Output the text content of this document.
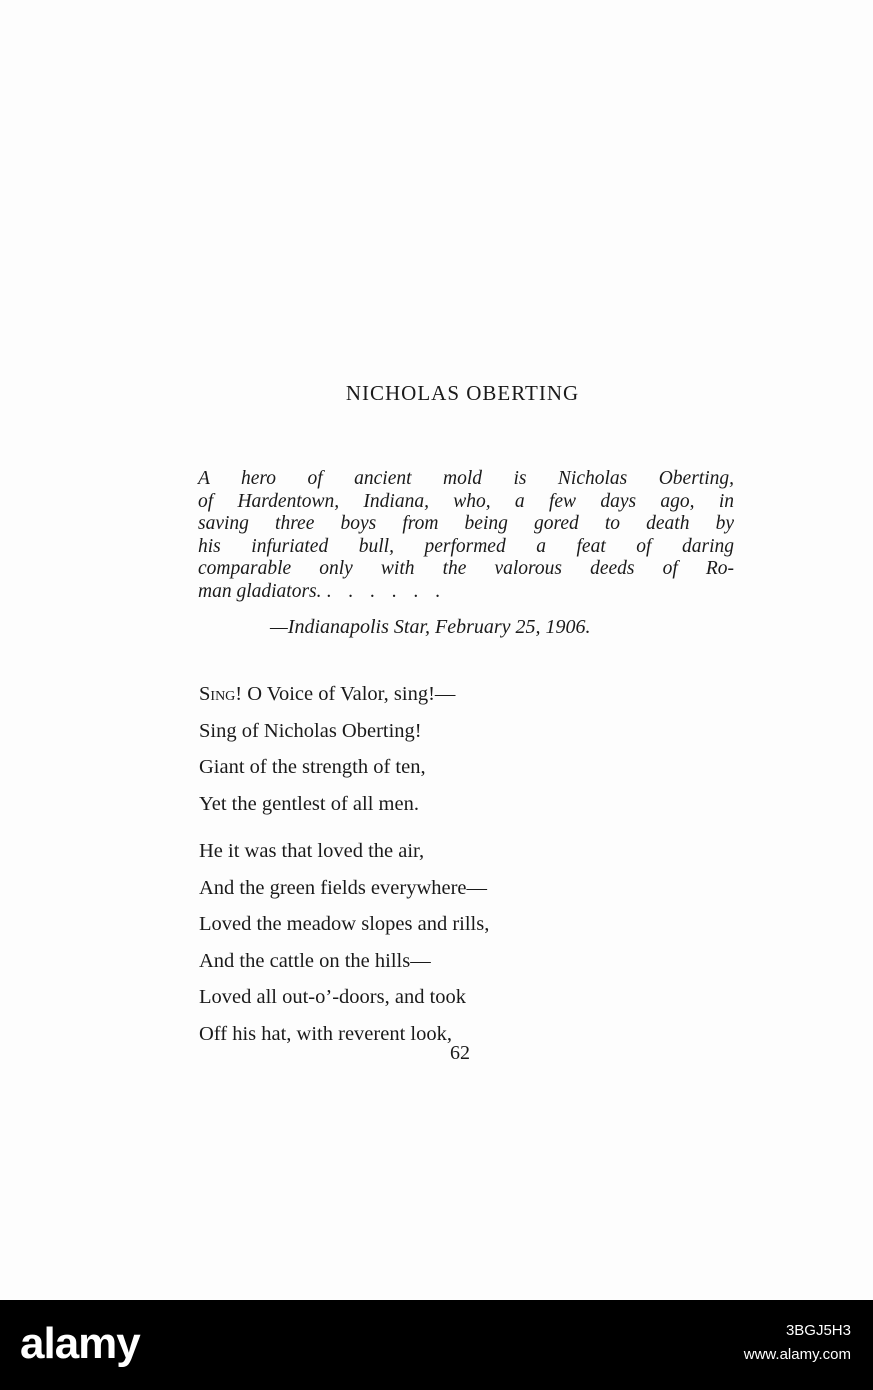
NICHOLAS OBERTING
A hero of ancient mold is Nicholas Oberting,
of Hardentown, Indiana, who, a few days ago, in
saving three boys from being gored to death by
his infuriated bull, performed a feat of daring
comparable only with the valorous deeds of Ro-
man gladiators. . . . . . .

—Indianapolis Star, February 25, 1906.

Sing! O Voice of Valor, sing!—
Sing of Nicholas Oberting!
Giant of the strength of ten,
Yet the gentlest of all men.
He it was that loved the air,
And the green fields everywhere—
Loved the meadow slopes and rills,
And the cattle on the hills—
Loved all out-o’-doors, and took
Off his hat, with reverent look,

62

alamy	3BGJ5H3

www.alamy.com
